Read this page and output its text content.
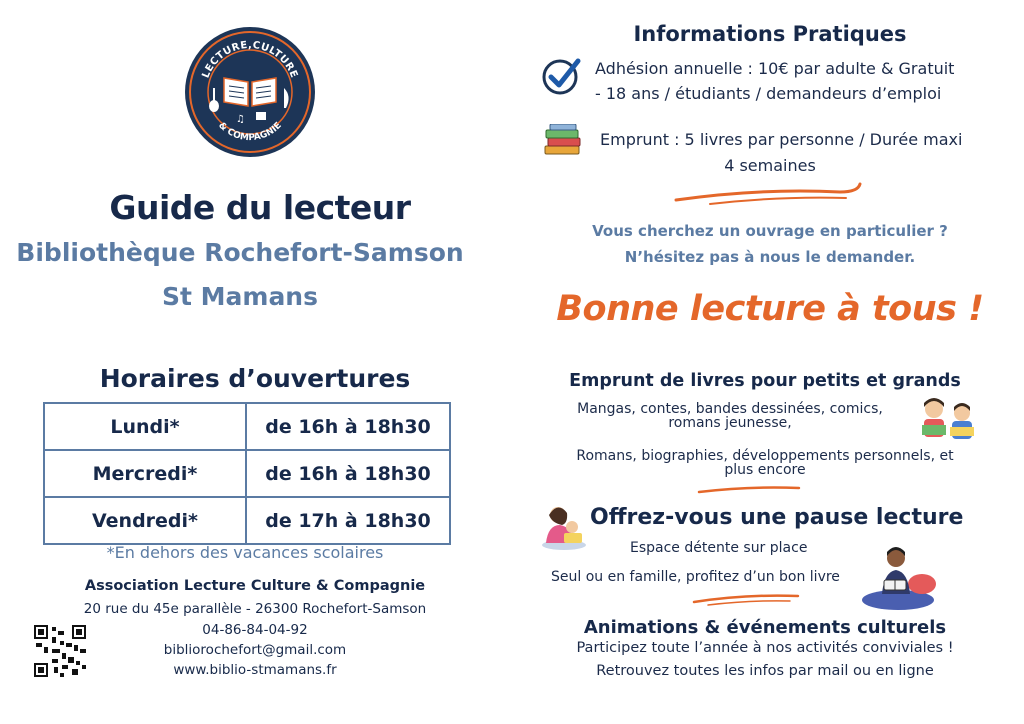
LECTURE,CULTURE
& COMPAGNIE
♫
Guide du lecteur
Bibliothèque Rochefort-Samson
St Mamans
Horaires d’ouvertures
Lundi*	de 16h à 18h30
Mercredi*	de 16h à 18h30
Vendredi*	de 17h à 18h30
*En dehors des vacances scolaires
Association Lecture Culture & Compagnie
20 rue du 45e parallèle - 26300 Rochefort-Samson
04-86-84-04-92
bibliorochefort@gmail.com
www.biblio-stmamans.fr
Informations Pratiques
Adhésion annuelle : 10€ par adulte & Gratuit
- 18 ans / étudiants / demandeurs d’emploi
Emprunt : 5 livres par personne / Durée maxi
4 semaines
Vous cherchez un ouvrage en particulier ?
N’hésitez pas à nous le demander.
Bonne lecture à tous !
Emprunt de livres pour petits et grands
Mangas, contes, bandes dessinées, comics,
romans jeunesse,
Romans, biographies, développements personnels, et
plus encore
Offrez-vous une pause lecture
Espace détente sur place
Seul ou en famille, profitez d’un bon livre
Animations & événements culturels
Participez toute l’année à nos activités conviviales !
Retrouvez toutes les infos par mail ou en ligne
